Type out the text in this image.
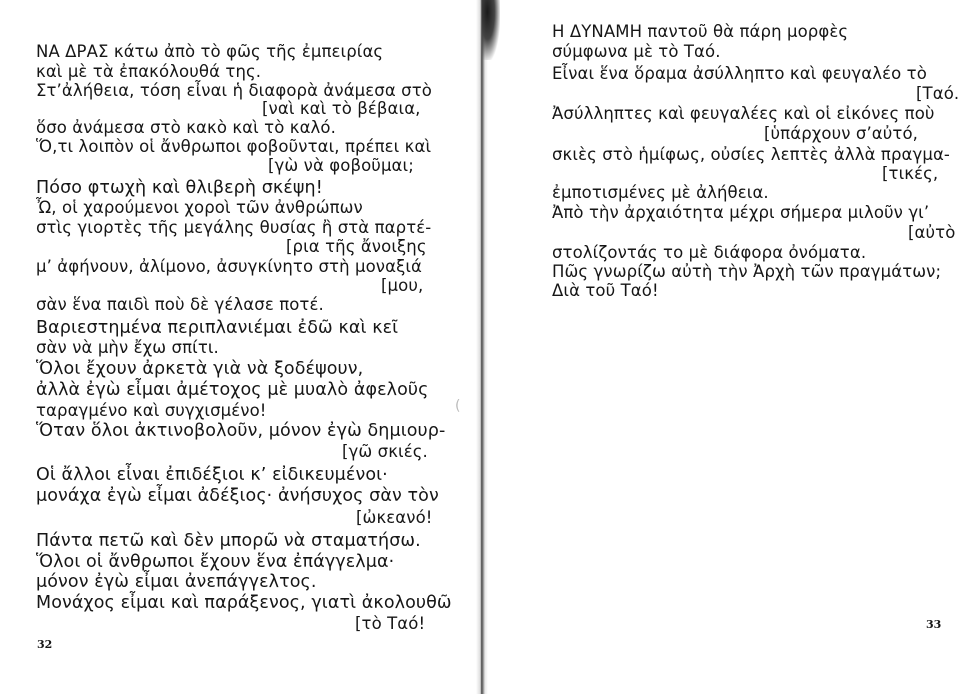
ΝΑ ΔΡΑΣ κάτω ἀπὸ τὸ φῶς τῆς ἐμπειρίας
καὶ μὲ τὰ ἐπακόλουθά της.
Στ’ἀλήθεια, τόση εἶναι ἡ διαφορὰ ἀνάμεσα στὸ
[ναὶ καὶ τὸ βέβαια,
ὅσο ἀνάμεσα στὸ κακὸ καὶ τὸ καλό.
Ὅ,τι λοιπὸν οἱ ἄνθρωποι φοβοῦνται, πρέπει καὶ
[γὼ νὰ φοβοῦμαι;
Πόσο φτωχὴ καὶ θλιβερὴ σκέψη!
Ὦ, οἱ χαρούμενοι χοροὶ τῶν ἀνθρώπων
στὶς γιορτὲς τῆς μεγάλης θυσίας ἢ στὰ παρτέ-
[ρια τῆς ἄνοιξης
μ’ ἀφήνουν, ἀλίμονο, ἀσυγκίνητο στὴ μοναξιά
[μου,
σὰν ἕνα παιδὶ ποὺ δὲ γέλασε ποτέ.
Βαριεστημένα περιπλανιέμαι ἐδῶ καὶ κεῖ
σὰν νὰ μὴν ἔχω σπίτι.
Ὅλοι ἔχουν ἀρκετὰ γιὰ νὰ ξοδέψουν,
ἀλλὰ ἐγὼ εἶμαι ἀμέτοχος μὲ μυαλὸ ἀφελοῦς
ταραγμένο καὶ συγχισμένο!
Ὅταν ὅλοι ἀκτινοβολοῦν, μόνον ἐγὼ δημιουρ-
[γῶ σκιές.
Οἱ ἄλλοι εἶναι ἐπιδέξιοι κ’ εἰδικευμένοι·
μονάχα ἐγὼ εἶμαι ἀδέξιος· ἀνήσυχος σὰν τὸν
[ὠκεανό!
Πάντα πετῶ καὶ δὲν μπορῶ νὰ σταματήσω.
Ὅλοι οἱ ἄνθρωποι ἔχουν ἕνα ἐπάγγελμα·
μόνον ἐγὼ εἶμαι ἀνεπάγγελτος.
Μονάχος εἶμαι καὶ παράξενος, γιατὶ ἀκολουθῶ
[τὸ Ταό!
32
(
Η ΔΥΝΑΜΗ παντοῦ θὰ πάρη μορφὲς
σύμφωνα μὲ τὸ Ταό.
Εἶναι ἕνα ὅραμα ἀσύλληπτο καὶ φευγαλέο τὸ
[Ταό.
Ἀσύλληπτες καὶ φευγαλέες καὶ οἱ εἰκόνες ποὺ
[ὑπάρχουν σ’αὐτό,
σκιὲς στὸ ἡμίφως, οὐσίες λεπτὲς ἀλλὰ πραγμα-
[τικές,
ἐμποτισμένες μὲ ἀλήθεια.
Ἀπὸ τὴν ἀρχαιότητα μέχρι σήμερα μιλοῦν γι’
[αὐτὸ
στολίζοντάς το μὲ διάφορα ὀνόματα.
Πῶς γνωρίζω αὐτὴ τὴν Ἀρχὴ τῶν πραγμάτων;
Διὰ τοῦ Ταό!
33
